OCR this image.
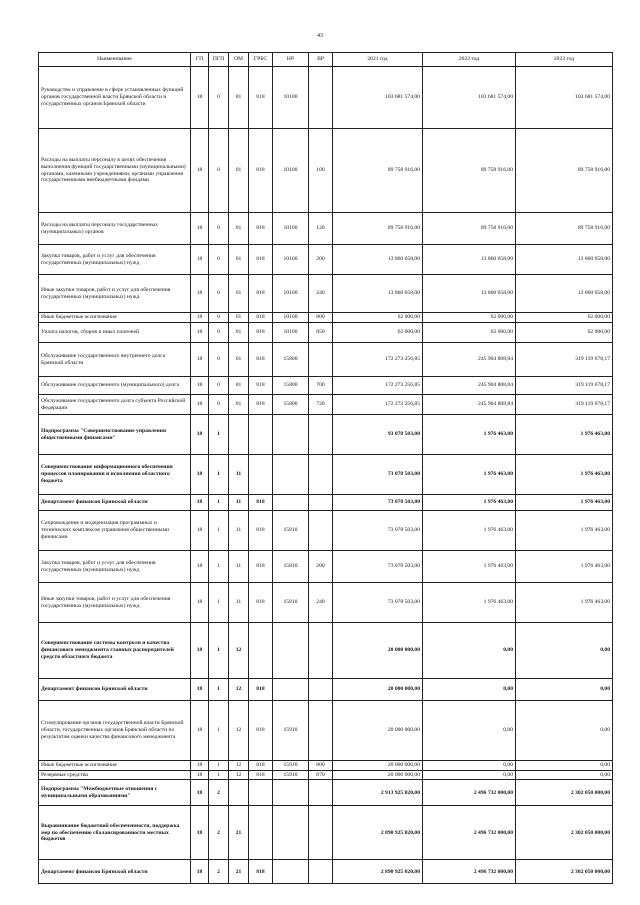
43
Наименование	ГП	ПГП	ОМ	ГРБС	НР	ВР	2021 год	2022 год	2023 год
Руководство и управление в сфере установленных функций органов государственной власти Брянской области и государственных органов Брянской области	18	0	01	818	10100		103 681 574,00	103 681 574,00	103 681 574,00
Расходы на выплаты персоналу в целях обеспечения выполнения функций государственными (муниципальными) органами, казенными учреждениями, органами управления государственными внебюджетными фондами	18	0	01	818	10100	100	89 758 916,00	89 758 916,00	89 758 916,00
Расходы на выплаты персоналу государственных (муниципальных) органов	18	0	01	818	10100	120	89 758 916,00	89 758 916,00	89 758 916,00
Закупка товаров, работ и услуг для обеспечения государственных (муниципальных) нужд	18	0	01	818	10100	200	13 860 658,00	13 860 658,00	13 860 658,00
Иные закупки товаров, работ и услуг для обеспечения государственных (муниципальных) нужд	18	0	01	818	10100	240	13 860 658,00	13 860 658,00	13 860 658,00
Иные бюджетные ассигнования	18	0	01	818	10100	800	62 000,00	62 000,00	62 000,00
Уплата налогов, сборов и иных платежей	18	0	01	818	10100	850	62 000,00	62 000,00	62 000,00
Обслуживание государственного внутреннего долга Брянской области	18	0	01	818	15800		172 273 256,85	245 904 808,84	319 119 678,17
Обслуживание государственного (муниципального) долга	18	0	01	818	15800	700	172 273 256,85	245 904 808,84	319 119 678,17
Обслуживание государственного долга субъекта Российской Федерации	18	0	01	818	15800	720	172 273 256,85	245 904 808,84	319 119 678,17
Подпрограмма "Совершенствование управления общественными финансами"	18	1					93 078 503,00	1 976 463,00	1 976 463,00
Совершенствование информационного обеспечения процессов планирования и исполнения областного бюджета	18	1	11				73 078 503,00	1 976 463,00	1 976 463,00
Департамент финансов Брянской области	18	1	11	818			73 078 503,00	1 976 463,00	1 976 463,00
Сопровождение и модернизация программных и технических комплексов управления общественными финансами	18	1	11	818	15810		73 078 503,00	1 976 463,00	1 976 463,00
Закупка товаров, работ и услуг для обеспечения государственных (муниципальных) нужд	18	1	11	818	15810	200	73 078 503,00	1 976 463,00	1 976 463,00
Иные закупки товаров, работ и услуг для обеспечения государственных (муниципальных) нужд	18	1	11	818	15810	240	73 078 503,00	1 976 463,00	1 976 463,00
Совершенствование системы контроля и качества финансового менеджмента главных распорядителей средств областного бюджета	18	1	12				20 000 000,00	0,00	0,00
Департамент финансов Брянской области	18	1	12	818			20 000 000,00	0,00	0,00
Стимулирование органов государственной власти Брянской области, государственных органов Брянской области по результатам оценки качества финансового менеджмента	18	1	12	818	15910		20 000 000,00	0,00	0,00
Иные бюджетные ассигнования	18	1	12	818	15910	800	20 000 000,00	0,00	0,00
Резервные средства	18	1	12	818	15910	870	20 000 000,00	0,00	0,00
Подпрограмма "Межбюджетные отношения с муниципальными образованиями"	18	2					2 913 925 020,00	2 496 732 000,00	2 302 050 000,00
Выравнивание бюджетной обеспеченности, поддержка мер по обеспечению сбалансированности местных бюджетов	18	2	21				2 890 925 020,00	2 496 732 000,00	2 302 050 000,00
Департамент финансов Брянской области	18	2	21	818			2 890 925 020,00	2 496 732 000,00	2 302 050 000,00
